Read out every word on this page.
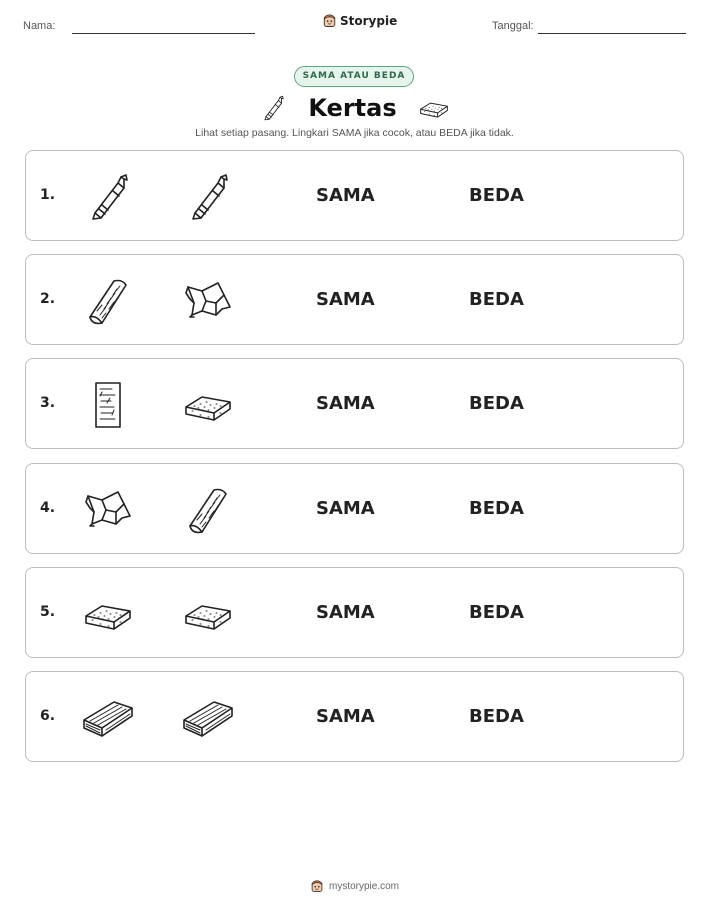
Nama:	Storypie	Tanggal:
SAMA ATAU BEDA
Kertas
Lihat setiap pasang. Lingkari SAMA jika cocok, atau BEDA jika tidak.
1.	SAMA	BEDA
2.	SAMA	BEDA
3.	SAMA	BEDA
4.	SAMA	BEDA
5.	SAMA	BEDA
6.	SAMA	BEDA
mystorypie.com
